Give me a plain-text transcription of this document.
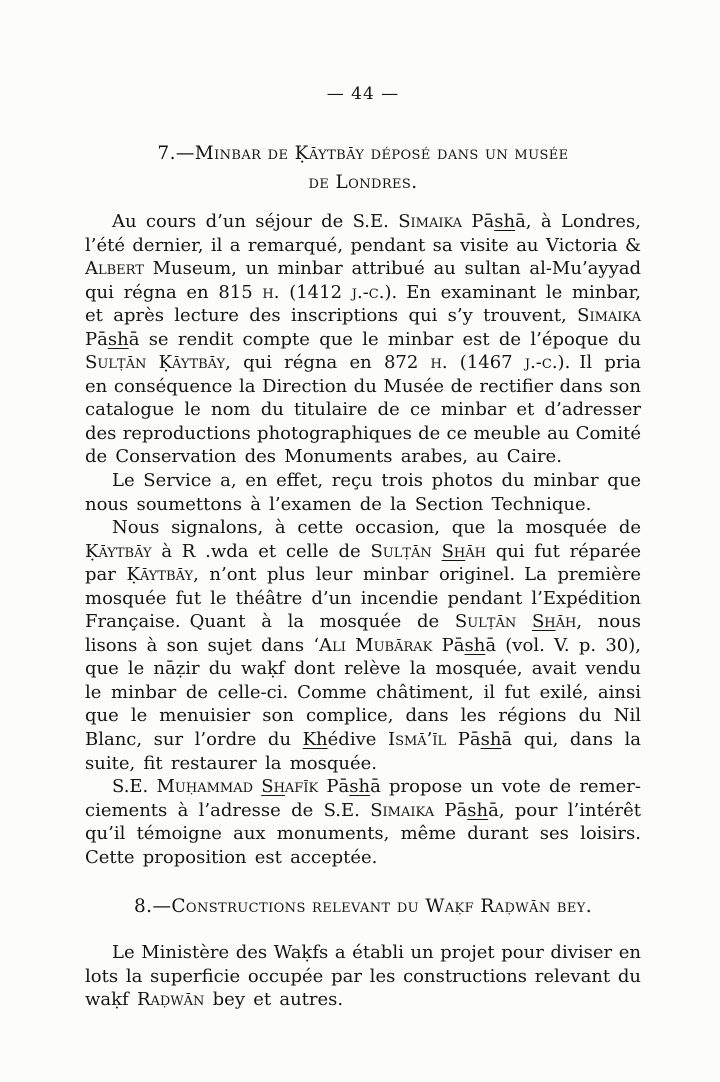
— 44 —
7.—Minbar de Ḳāytbāy déposé dans un musée
de Londres.
Au cours d’un séjour de S.E. Simaika Pāshā, à Londres,
l’été dernier, il a remarqué, pendant sa visite au Victoria &
Albert Museum, un minbar attribué au sultan al-Mu’ayyad
qui régna en 815 h. (1412 j.-c.). En examinant le minbar,
et après lecture des inscriptions qui s’y trouvent, Simaika
Pāshā se rendit compte que le minbar est de l’époque du
Sulṭān Ḳāytbāy, qui régna en 872 h. (1467 j.-c.). Il pria
en conséquence la Direction du Musée de rectifier dans son
catalogue le nom du titulaire de ce minbar et d’adresser
des reproductions photographiques de ce meuble au Comité
de Conservation des Monuments arabes, au Caire.
Le Service a, en effet, reçu trois photos du minbar que
nous soumettons à l’examen de la Section Technique.
Nous signalons, à cette occasion, que la mosquée de
Ḳāytbāy à R .wda et celle de Sulṭān Shāh qui fut réparée
par Ḳāytbāy, n’ont plus leur minbar originel. La première
mosquée fut le théâtre d’un incendie pendant l’Expédition
Française. Quant à la mosquée de Sulṭān Shāh, nous
lisons à son sujet dans ‘Ali Mubārak Pāshā (vol. V. p. 30),
que le nāẓir du waḳf dont relève la mosquée, avait vendu
le minbar de celle-ci. Comme châtiment, il fut exilé, ainsi
que le menuisier son complice, dans les régions du Nil
Blanc, sur l’ordre du Khédive Ismā’īl Pāshā qui, dans la
suite, fit restaurer la mosquée.
S.E. Muḥammad Shafīk Pāshā propose un vote de remer-
ciements à l’adresse de S.E. Simaika Pāshā, pour l’intérêt
qu’il témoigne aux monuments, même durant ses loisirs.
Cette proposition est acceptée.
8.—Constructions relevant du Waḳf Raḍwān bey.
Le Ministère des Waḳfs a établi un projet pour diviser en
lots la superficie occupée par les constructions relevant du
waḳf Raḍwān bey et autres.
